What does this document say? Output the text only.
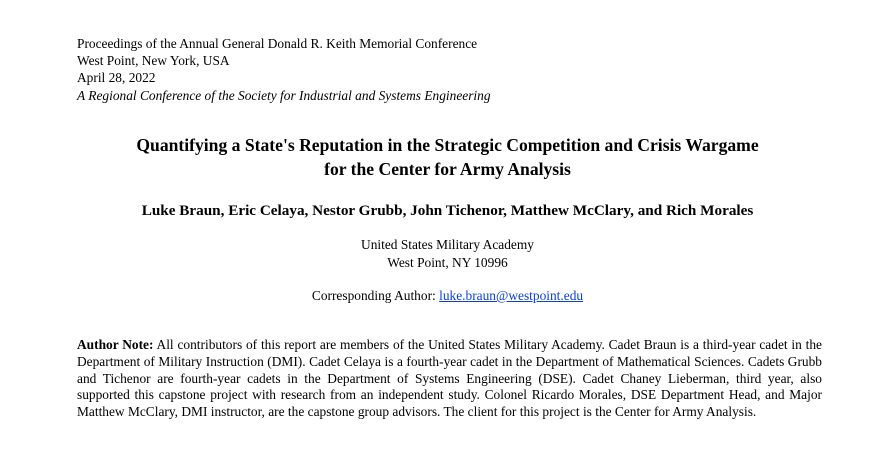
Proceedings of the Annual General Donald R. Keith Memorial Conference
West Point, New York, USA
April 28, 2022
A Regional Conference of the Society for Industrial and Systems Engineering
Quantifying a State's Reputation in the Strategic Competition and Crisis Wargame
for the Center for Army Analysis
Luke Braun, Eric Celaya, Nestor Grubb, John Tichenor, Matthew McClary, and Rich Morales
United States Military Academy
West Point, NY 10996
Corresponding Author: luke.braun@westpoint.edu
Author Note: All contributors of this report are members of the United States Military Academy. Cadet Braun is a third-year cadet in the Department of Military Instruction (DMI). Cadet Celaya is a fourth-year cadet in the Department of Mathematical Sciences. Cadets Grubb and Tichenor are fourth-year cadets in the Department of Systems Engineering (DSE). Cadet Chaney Lieberman, third year, also supported this capstone project with research from an independent study. Colonel Ricardo Morales, DSE Department Head, and Major Matthew McClary, DMI instructor, are the capstone group advisors. The client for this project is the Center for Army Analysis.
